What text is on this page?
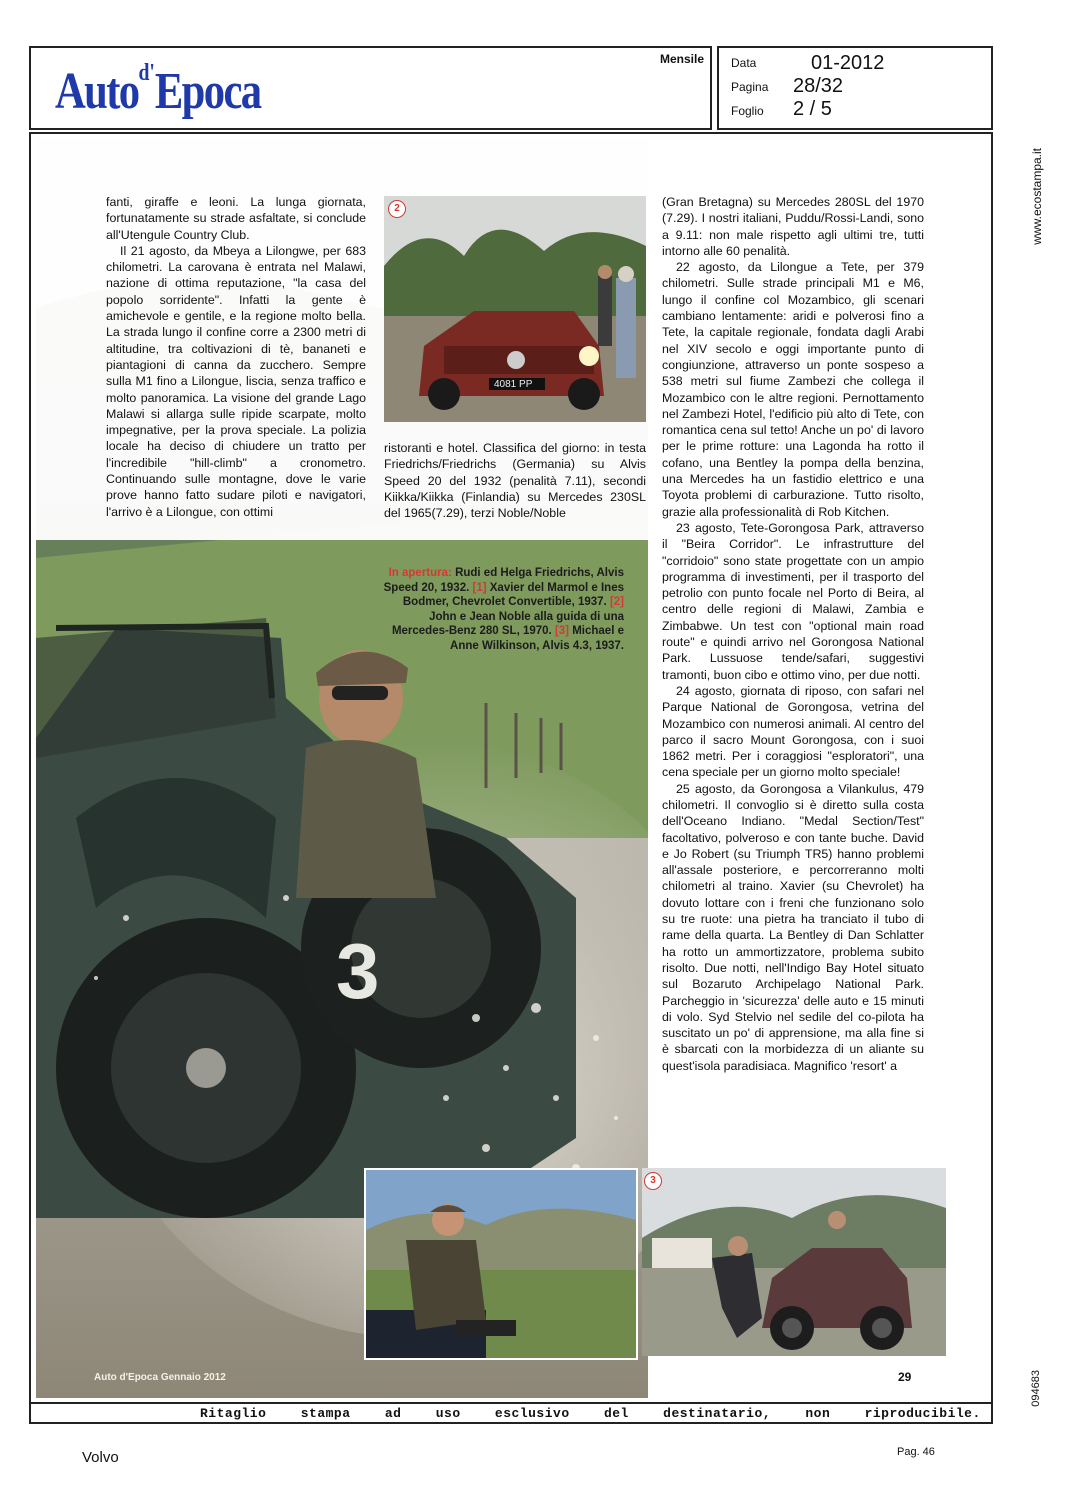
Auto$^{d'}$Epoca
Mensile Data	01-2012
Pagina 28/32
Foglio 2 / 5
www.ecostampa.it
094683
3

fanti, giraffe e leoni. La lunga giornata, fortunatamente su strade asfaltate, si conclude all'Utengule Country Club.

Il 21 agosto, da Mbeya a Lilongwe, per 683 chilometri. La carovana è entrata nel Malawi, nazione di ottima reputazione, "la casa del popolo sorridente". Infatti la gente è amichevole e gentile, e la regione molto bella. La strada lungo il confine corre a 2300 metri di altitudine, tra coltivazioni di tè, bananeti e piantagioni di canna da zucchero. Sempre sulla M1 fino a Lilongue, liscia, senza traffico e molto panoramica. La visione del grande Lago Malawi si allarga sulle ripide scarpate, molto impegnative, per la prova speciale. La polizia locale ha deciso di chiudere un tratto per l'incredibile "hill-climb" a cronometro. Continuando sulle montagne, dove le varie prove hanno fatto sudare piloti e navigatori, l'arrivo è a Lilongue, con ottimi

4081 PP
2

ristoranti e hotel. Classifica del giorno: in testa Friedrichs/Friedrichs (Germania) su Alvis Speed 20 del 1932 (penalità 7.11), secondi Kiikka/Kiikka (Finlandia) su Mercedes 230SL del 1965(7.29), terzi Noble/Noble

In apertura: Rudi ed Helga Friedrichs, Alvis Speed 20, 1932. [1] Xavier del Marmol e Ines Bodmer, Chevrolet Convertible, 1937. [2] John e Jean Noble alla guida di una Mercedes-Benz 280 SL, 1970. [3] Michael e Anne Wilkinson, Alvis 4.3, 1937.

(Gran Bretagna) su Mercedes 280SL del 1970 (7.29). I nostri italiani, Puddu/Rossi-Landi, sono a 9.11: non male rispetto agli ultimi tre, tutti intorno alle 60 penalità.

22 agosto, da Lilongue a Tete, per 379 chilometri. Sulle strade principali M1 e M6, lungo il confine col Mozambico, gli scenari cambiano lentamente: aridi e polverosi fino a Tete, la capitale regionale, fondata dagli Arabi nel XIV secolo e oggi importante punto di congiunzione, attraverso un ponte sospeso a 538 metri sul fiume Zambezi che collega il Mozambico con le altre regioni. Pernottamento nel Zambezi Hotel, l'edificio più alto di Tete, con romantica cena sul tetto! Anche un po' di lavoro per le prime rotture: una Lagonda ha rotto il cofano, una Bentley la pompa della benzina, una Mercedes ha un fastidio elettrico e una Toyota problemi di carburazione. Tutto risolto, grazie alla professionalità di Rob Kitchen.

23 agosto, Tete-Gorongosa Park, attraverso il "Beira Corridor". Le infrastrutture del "corridoio" sono state progettate con un ampio programma di investimenti, per il trasporto del petrolio con punto focale nel Porto di Beira, al centro delle regioni di Malawi, Zambia e Zimbabwe. Un test con "optional main road route" e quindi arrivo nel Gorongosa National Park. Lussuose tende/safari, suggestivi tramonti, buon cibo e ottimo vino, per due notti.

24 agosto, giornata di riposo, con safari nel Parque National de Gorongosa, vetrina del Mozambico con numerosi animali. Al centro del parco il sacro Mount Gorongosa, con i suoi 1862 metri. Per i coraggiosi "esploratori", una cena speciale per un giorno molto speciale!

25 agosto, da Gorongosa a Vilankulus, 479 chilometri. Il convoglio si è diretto sulla costa dell'Oceano Indiano. "Medal Section/Test" facoltativo, polveroso e con tante buche. David e Jo Robert (su Triumph TR5) hanno problemi all'assale posteriore, e percorreranno molti chilometri al traino. Xavier (su Chevrolet) ha dovuto lottare con i freni che funzionano solo su tre ruote: una pietra ha tranciato il tubo di rame della quarta. La Bentley di Dan Schlatter ha rotto un ammortizzatore, problema subito risolto. Due notti, nell'Indigo Bay Hotel situato sul Bozaruto Archipelago National Park. Parcheggio in 'sicurezza' delle auto e 15 minuti di volo. Syd Stelvio nel sedile del co-pilota ha suscitato un po' di apprensione, ma alla fine si è sbarcati con la morbidezza di un aliante su quest'isola paradisiaca. Magnifico 'resort' a

3
Auto d'Epoca Gennaio 2012	29
Ritaglio stampa ad uso esclusivo del destinatario, non riproducibile.
Volvo	Pag. 46
